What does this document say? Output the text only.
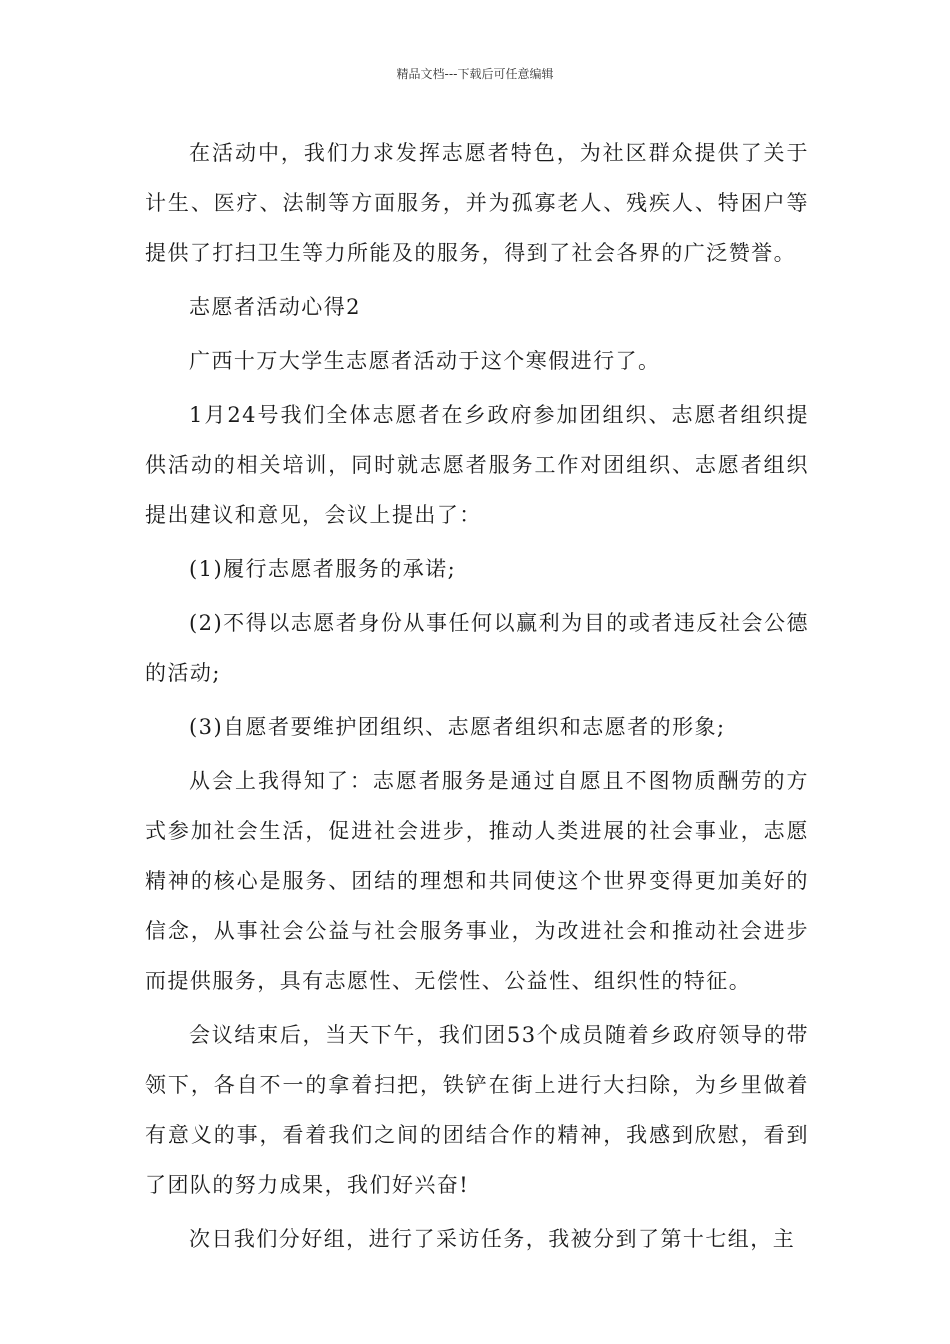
精品文档---下载后可任意编辑

在活动中，我们力求发挥志愿者特色，为社区群众提供了关于计生、医疗、法制等方面服务，并为孤寡老人、残疾人、特困户等提供了打扫卫生等力所能及的服务，得到了社会各界的广泛赞誉。

志愿者活动心得2

广西十万大学生志愿者活动于这个寒假进行了。

1月24号我们全体志愿者在乡政府参加团组织、志愿者组织提供活动的相关培训，同时就志愿者服务工作对团组织、志愿者组织提出建议和意见，会议上提出了：

(1)履行志愿者服务的承诺;

(2)不得以志愿者身份从事任何以赢利为目的或者违反社会公德的活动;

(3)自愿者要维护团组织、志愿者组织和志愿者的形象;

从会上我得知了：志愿者服务是通过自愿且不图物质酬劳的方式参加社会生活，促进社会进步，推动人类进展的社会事业，志愿精神的核心是服务、团结的理想和共同使这个世界变得更加美好的信念，从事社会公益与社会服务事业，为改进社会和推动社会进步而提供服务，具有志愿性、无偿性、公益性、组织性的特征。

会议结束后，当天下午，我们团53个成员随着乡政府领导的带领下，各自不一的拿着扫把，铁铲在街上进行大扫除，为乡里做着有意义的事，看着我们之间的团结合作的精神，我感到欣慰，看到了团队的努力成果，我们好兴奋!

次日我们分好组，进行了采访任务，我被分到了第十七组，主
